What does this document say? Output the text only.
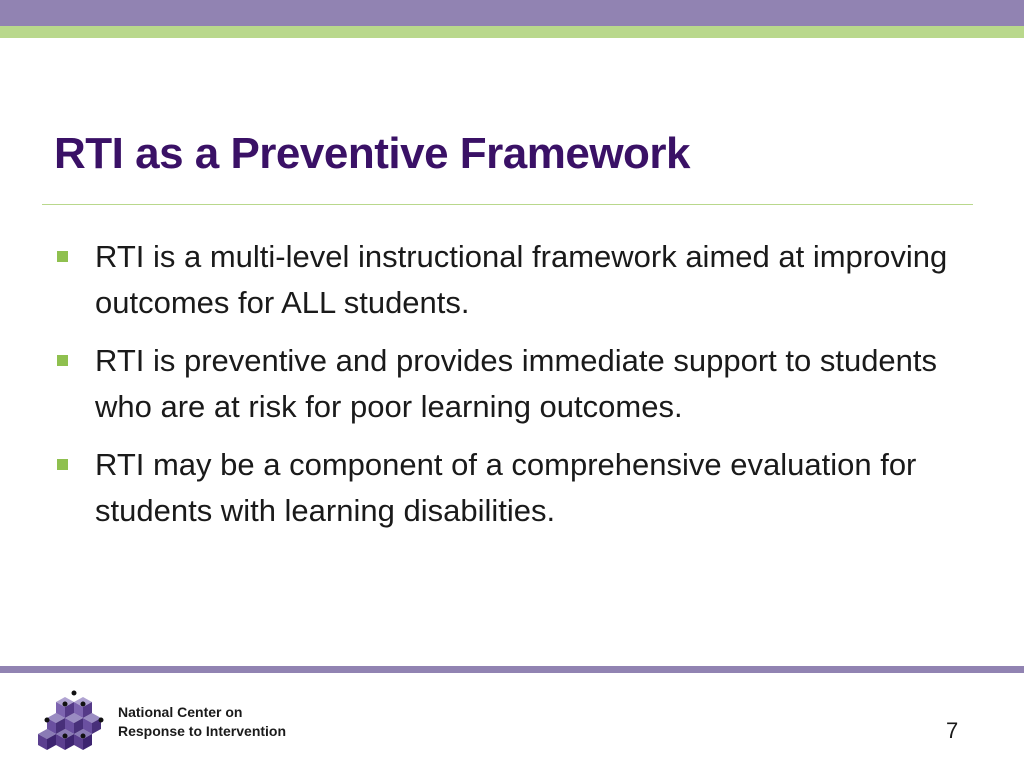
RTI as a Preventive Framework
RTI is a multi-level instructional framework aimed at improving outcomes for ALL students.
RTI is preventive and provides immediate support to students who are at risk for poor learning outcomes.
RTI may be a component of a comprehensive evaluation for students with learning disabilities.
National Center on
Response to Intervention	7
